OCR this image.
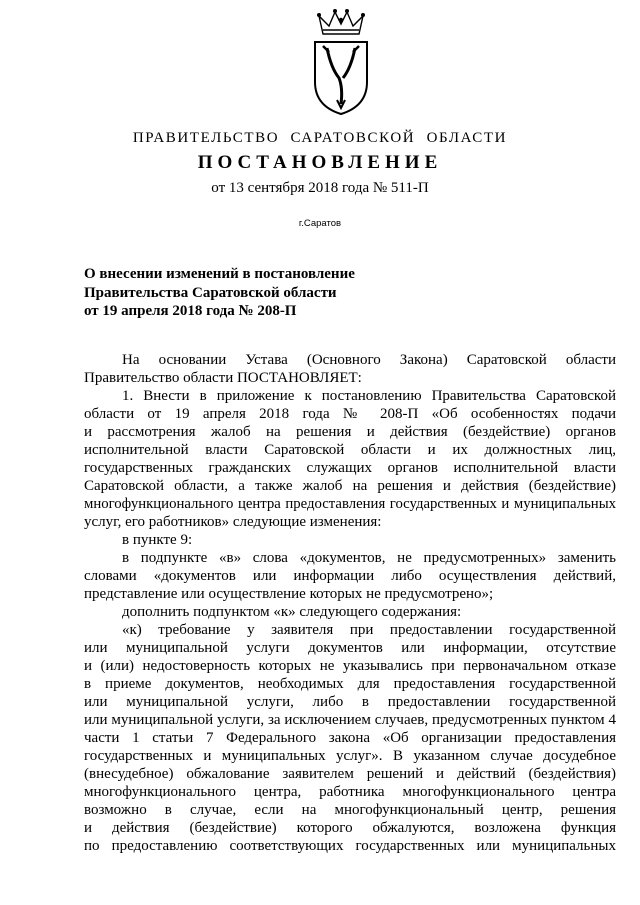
ПРАВИТЕЛЬСТВО САРАТОВСКОЙ ОБЛАСТИ
ПОСТАНОВЛЕНИЕ
от 13 сентября 2018 года № 511-П
г.Саратов
О внесении изменений в постановление
Правительства Саратовской области
от 19 апреля 2018 года № 208-П
На основании Устава (Основного Закона) Саратовской области
Правительство области ПОСТАНОВЛЯЕТ:
1. Внести в приложение к постановлению Правительства Саратовской
области от 19 апреля 2018 года № 208-П «Об особенностях подачи
и рассмотрения жалоб на решения и действия (бездействие) органов
исполнительной власти Саратовской области и их должностных лиц,
государственных гражданских служащих органов исполнительной власти
Саратовской области, а также жалоб на решения и действия (бездействие)
многофункционального центра предоставления государственных и муниципальных
услуг, его работников» следующие изменения:
в пункте 9:
в подпункте «в» слова «документов, не предусмотренных» заменить
словами «документов или информации либо осуществления действий,
представление или осуществление которых не предусмотрено»;
дополнить подпунктом «к» следующего содержания:
«к) требование у заявителя при предоставлении государственной
или муниципальной услуги документов или информации, отсутствие
и (или) недостоверность которых не указывались при первоначальном отказе
в приеме документов, необходимых для предоставления государственной
или муниципальной услуги, либо в предоставлении государственной
или муниципальной услуги, за исключением случаев, предусмотренных пунктом 4
части 1 статьи 7 Федерального закона «Об организации предоставления
государственных и муниципальных услуг». В указанном случае досудебное
(внесудебное) обжалование заявителем решений и действий (бездействия)
многофункционального центра, работника многофункционального центра
возможно в случае, если на многофункциональный центр, решения
и действия (бездействие) которого обжалуются, возложена функция
по предоставлению соответствующих государственных или муниципальных
